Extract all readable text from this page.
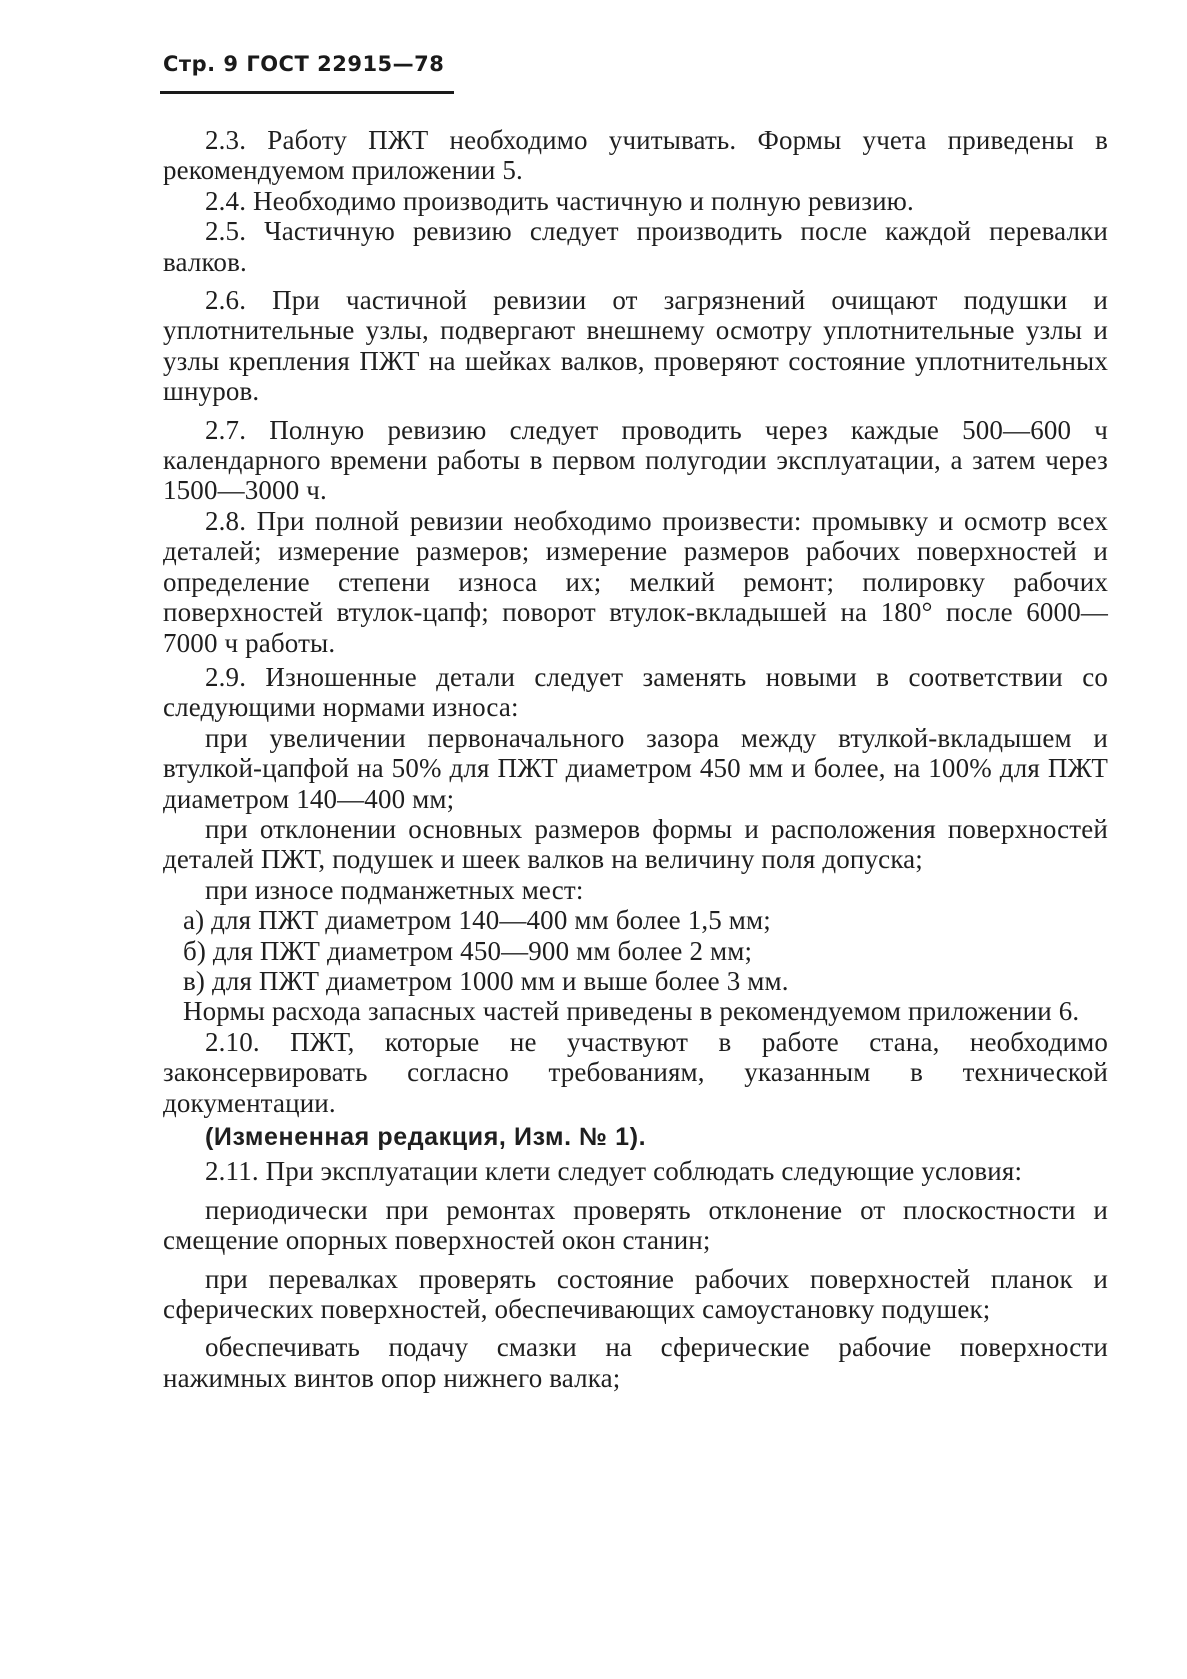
Стр. 9 ГОСТ 22915—78

2.3. Работу ПЖТ необходимо учитывать. Формы учета приведены в рекомендуемом приложении 5.

2.4. Необходимо производить частичную и полную ревизию.

2.5. Частичную ревизию следует производить после каждой перевалки валков.

2.6. При частичной ревизии от загрязнений очищают подушки и уплотнительные узлы, подвергают внешнему осмотру уплотнительные узлы и узлы крепления ПЖТ на шейках валков, проверяют состояние уплотнительных шнуров.

2.7. Полную ревизию следует проводить через каждые 500—600 ч календарного времени работы в первом полугодии эксплуатации, а затем через 1500—3000 ч.

2.8. При полной ревизии необходимо произвести: промывку и осмотр всех деталей; измерение размеров; измерение размеров рабочих поверхностей и определение степени износа их; мелкий ремонт; полировку рабочих поверхностей втулок-цапф; поворот втулок-вкладышей на 180° после 6000—7000 ч работы.

2.9. Изношенные детали следует заменять новыми в соответствии со следующими нормами износа:

при увеличении первоначального зазора между втулкой-вкладышем и втулкой-цапфой на 50% для ПЖТ диаметром 450 мм и более, на 100% для ПЖТ диаметром 140—400 мм;

при отклонении основных размеров формы и расположения поверхностей деталей ПЖТ, подушек и шеек валков на величину поля допуска;

при износе подманжетных мест:

а) для ПЖТ диаметром 140—400 мм более 1,5 мм;

б) для ПЖТ диаметром 450—900 мм более 2 мм;

в) для ПЖТ диаметром 1000 мм и выше более 3 мм.

Нормы расхода запасных частей приведены в рекомендуемом приложении 6.

2.10. ПЖТ, которые не участвуют в работе стана, необходимо законсервировать согласно требованиям, указанным в технической документации.

(Измененная редакция, Изм. № 1).

2.11. При эксплуатации клети следует соблюдать следующие условия:

периодически при ремонтах проверять отклонение от плоскостности и смещение опорных поверхностей окон станин;

при перевалках проверять состояние рабочих поверхностей планок и сферических поверхностей, обеспечивающих самоустановку подушек;

обеспечивать подачу смазки на сферические рабочие поверхности нажимных винтов опор нижнего валка;
